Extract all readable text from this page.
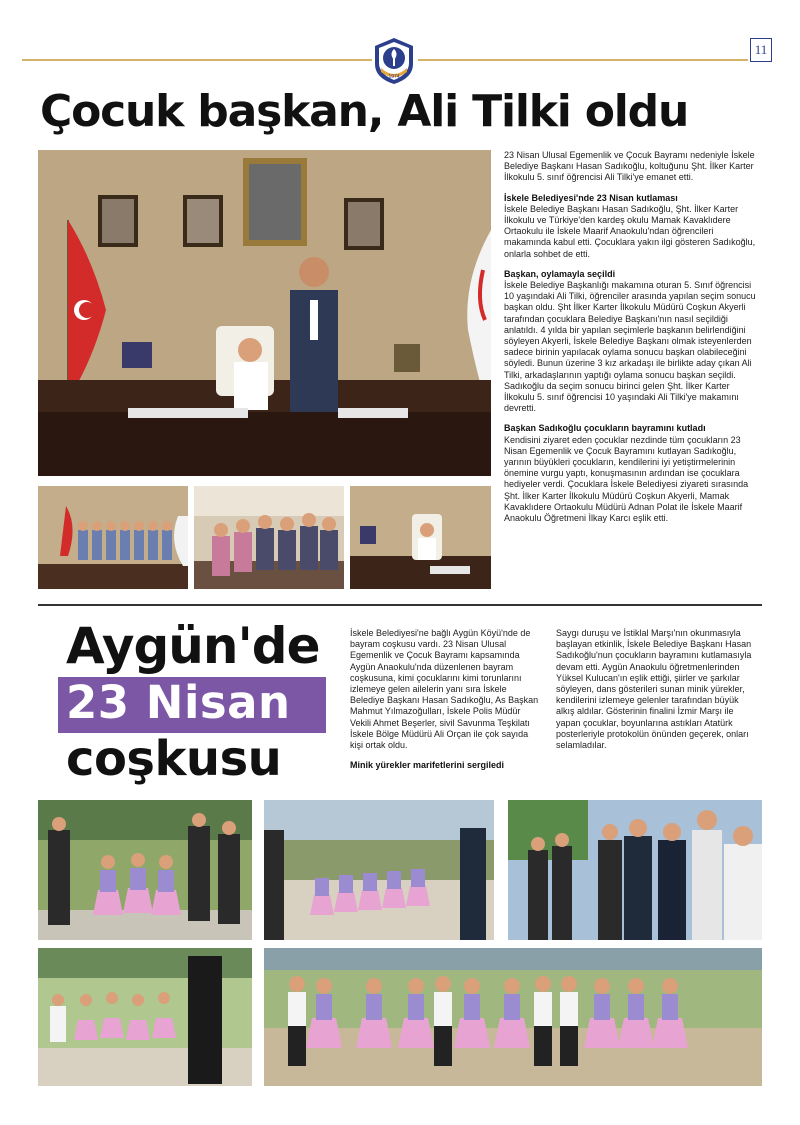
1974
11
Çocuk başkan, Ali Tilki oldu

23 Nisan Ulusal Egemenlik ve Çocuk Bayramı nedeniyle İskele Belediye Başkanı Hasan Sadıkoğlu, koltuğunu Şht. İlker Karter İlkokulu 5. sınıf öğrencisi Ali Tilki'ye emanet etti.

İskele Belediyesi'nde 23 Nisan kutlaması

İskele Belediye Başkanı Hasan Sadıkoğlu, Şht. İlker Karter İlkokulu ve Türkiye'den kardeş okulu Mamak Kavaklıdere Ortaokulu ile İskele Maarif Anaokulu'ndan öğrencileri makamında kabul etti. Çocuklara yakın ilgi gösteren Sadıkoğlu, onlarla sohbet de etti.

Başkan, oylamayla seçildi

İskele Belediye Başkanlığı makamına oturan 5. Sınıf öğrencisi 10 yaşındaki Ali Tilki, öğrenciler arasında yapılan seçim sonucu başkan oldu. Şht İlker Karter İlkokulu Müdürü Coşkun Akyerli tarafından çocuklara Belediye Başkanı'nın nasıl seçildiği anlatıldı. 4 yılda bir yapılan seçimlerle başkanın belirlendiğini söyleyen Akyerli, İskele Belediye Başkanı olmak isteyenlerden sadece birinin yapılacak oylama sonucu başkan olabileceğini söyledi. Bunun üzerine 3 kız arkadaşı ile birlikte aday çıkan Ali Tilki, arkadaşlarının yaptığı oylama sonucu başkan seçildi. Sadıkoğlu da seçim sonucu birinci gelen Şht. İlker Karter İlkokulu 5. sınıf öğrencisi 10 yaşındaki Ali Tilki'ye makamını devretti.

Başkan Sadıkoğlu çocukların bayramını kutladı

Kendisini ziyaret eden çocuklar nezdinde tüm çocukların 23 Nisan Egemenlik ve Çocuk Bayramını kutlayan Sadıkoğlu, yarının büyükleri çocukların, kendilerini iyi yetiştirmelerinin önemine vurgu yaptı, konuşmasının ardından ise çocuklara hediyeler verdi. Çocuklara İskele Belediyesi ziyareti sırasında Şht. İlker Karter İlkokulu Müdürü Coşkun Akyerli, Mamak Kavaklıdere Ortaokulu Müdürü Adnan Polat ile İskele Maarif Anaokulu Öğretmeni İlkay Karcı eşlik etti.

Aygün'de
23 Nisan
coşkusu

İskele Belediyesi'ne bağlı Aygün Köyü'nde de bayram coşkusu vardı. 23 Nisan Ulusal Egemenlik ve Çocuk Bayramı kapsamında Aygün Anaokulu'nda düzenlenen bayram coşkusuna, kimi çocuklarını kimi torunlarını izlemeye gelen ailelerin yanı sıra İskele Belediye Başkanı Hasan Sadıkoğlu, As Başkan Mahmut Yılmazoğulları, İskele Polis Müdür Vekili Ahmet Beşerler, sivil Savunma Teşkilatı İskele Bölge Müdürü Ali Orçan ile çok sayıda kişi ortak oldu.

Minik yürekler marifetlerini sergiledi

Saygı duruşu ve İstiklal Marşı'nın okunmasıyla başlayan etkinlik, İskele Belediye Başkanı Hasan Sadıkoğlu'nun çocukların bayramını kutlamasıyla devam etti. Aygün Anaokulu öğretmenlerinden Yüksel Kulucan'ın eşlik ettiği, şiirler ve şarkılar söyleyen, dans gösterileri sunan minik yürekler, kendilerini izlemeye gelenler tarafından büyük alkış aldılar. Gösterinin finalini İzmir Marşı ile yapan çocuklar, boyunlarına astıkları Atatürk posterleriyle protokolün önünden geçerek, onları selamladılar.
